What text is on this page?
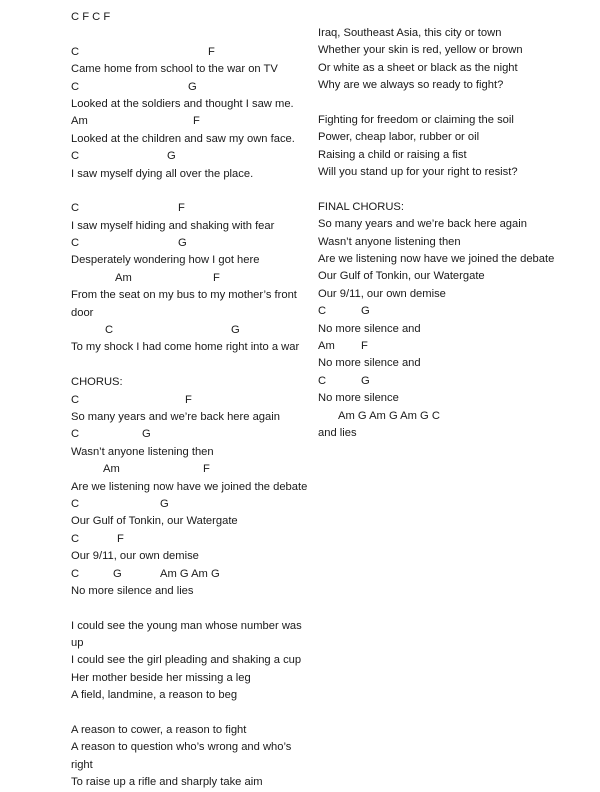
C F C F
C	F
Came home from school to the war on TV
C	G
Looked at the soldiers and thought I saw me.
Am	F
Looked at the children and saw my own face.
C	G
I saw myself dying all over the place.
C	F
I saw myself hiding and shaking with fear
C	G
Desperately wondering how I got here
Am	F
From the seat on my bus to my mother’s front
door
C	G
To my shock I had come home right into a war
CHORUS:
C	F
So many years and we’re back here again
C	G
Wasn’t anyone listening then
Am	F
Are we listening now have we joined the debate
C	G
Our Gulf of Tonkin, our Watergate
C	F
Our 9/11, our own demise
C	G	Am G Am G
No more silence and lies
I could see the young man whose number was
up
I could see the girl pleading and shaking a cup
Her mother beside her missing a leg
A field, landmine, a reason to beg
A reason to cower, a reason to fight
A reason to question who’s wrong and who’s
right
To raise up a rifle and sharply take aim
Iraq, Southeast Asia, this city or town
Whether your skin is red, yellow or brown
Or white as a sheet or black as the night
Why are we always so ready to fight?
Fighting for freedom or claiming the soil
Power, cheap labor, rubber or oil
Raising a child or raising a fist
Will you stand up for your right to resist?
FINAL CHORUS:
So many years and we’re back here again
Wasn’t anyone listening then
Are we listening now have we joined the debate
Our Gulf of Tonkin, our Watergate
Our 9/11, our own demise
C	G
No more silence and
Am F
No more silence and
C	G
No more silence
Am G Am G Am G C
and lies
